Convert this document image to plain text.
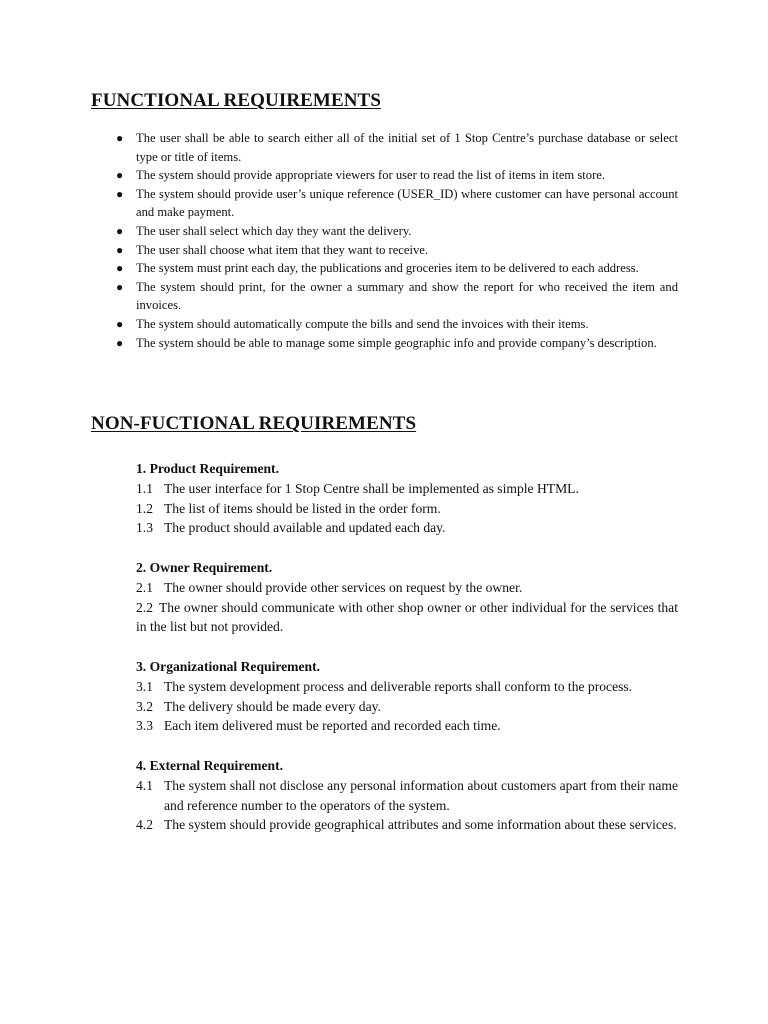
FUNCTIONAL REQUIREMENTS
● The user shall be able to search either all of the initial set of 1 Stop Centre’s purchase database or select type or title of items.
● The system should provide appropriate viewers for user to read the list of items in item store.
● The system should provide user’s unique reference (USER_ID) where customer can have personal account and make payment.
● The user shall select which day they want the delivery.
● The user shall choose what item that they want to receive.
● The system must print each day, the publications and groceries item to be delivered to each address.
● The system should print, for the owner a summary and show the report for who received the item and invoices.
● The system should automatically compute the bills and send the invoices with their items.
● The system should be able to manage some simple geographic info and provide company’s description.
NON-FUCTIONAL REQUIREMENTS
1. Product Requirement.
1.1 The user interface for 1 Stop Centre shall be implemented as simple HTML.
1.2 The list of items should be listed in the order form.
1.3 The product should available and updated each day.
2. Owner Requirement.
2.1 The owner should provide other services on request by the owner.
2.2 The owner should communicate with other shop owner or other individual for the services that in the list but not provided.
3. Organizational Requirement.
3.1 The system development process and deliverable reports shall conform to the process.
3.2 The delivery should be made every day.
3.3 Each item delivered must be reported and recorded each time.
4. External Requirement.
4.1 The system shall not disclose any personal information about customers apart from their name and reference number to the operators of the system.
4.2 The system should provide geographical attributes and some information about these services.
